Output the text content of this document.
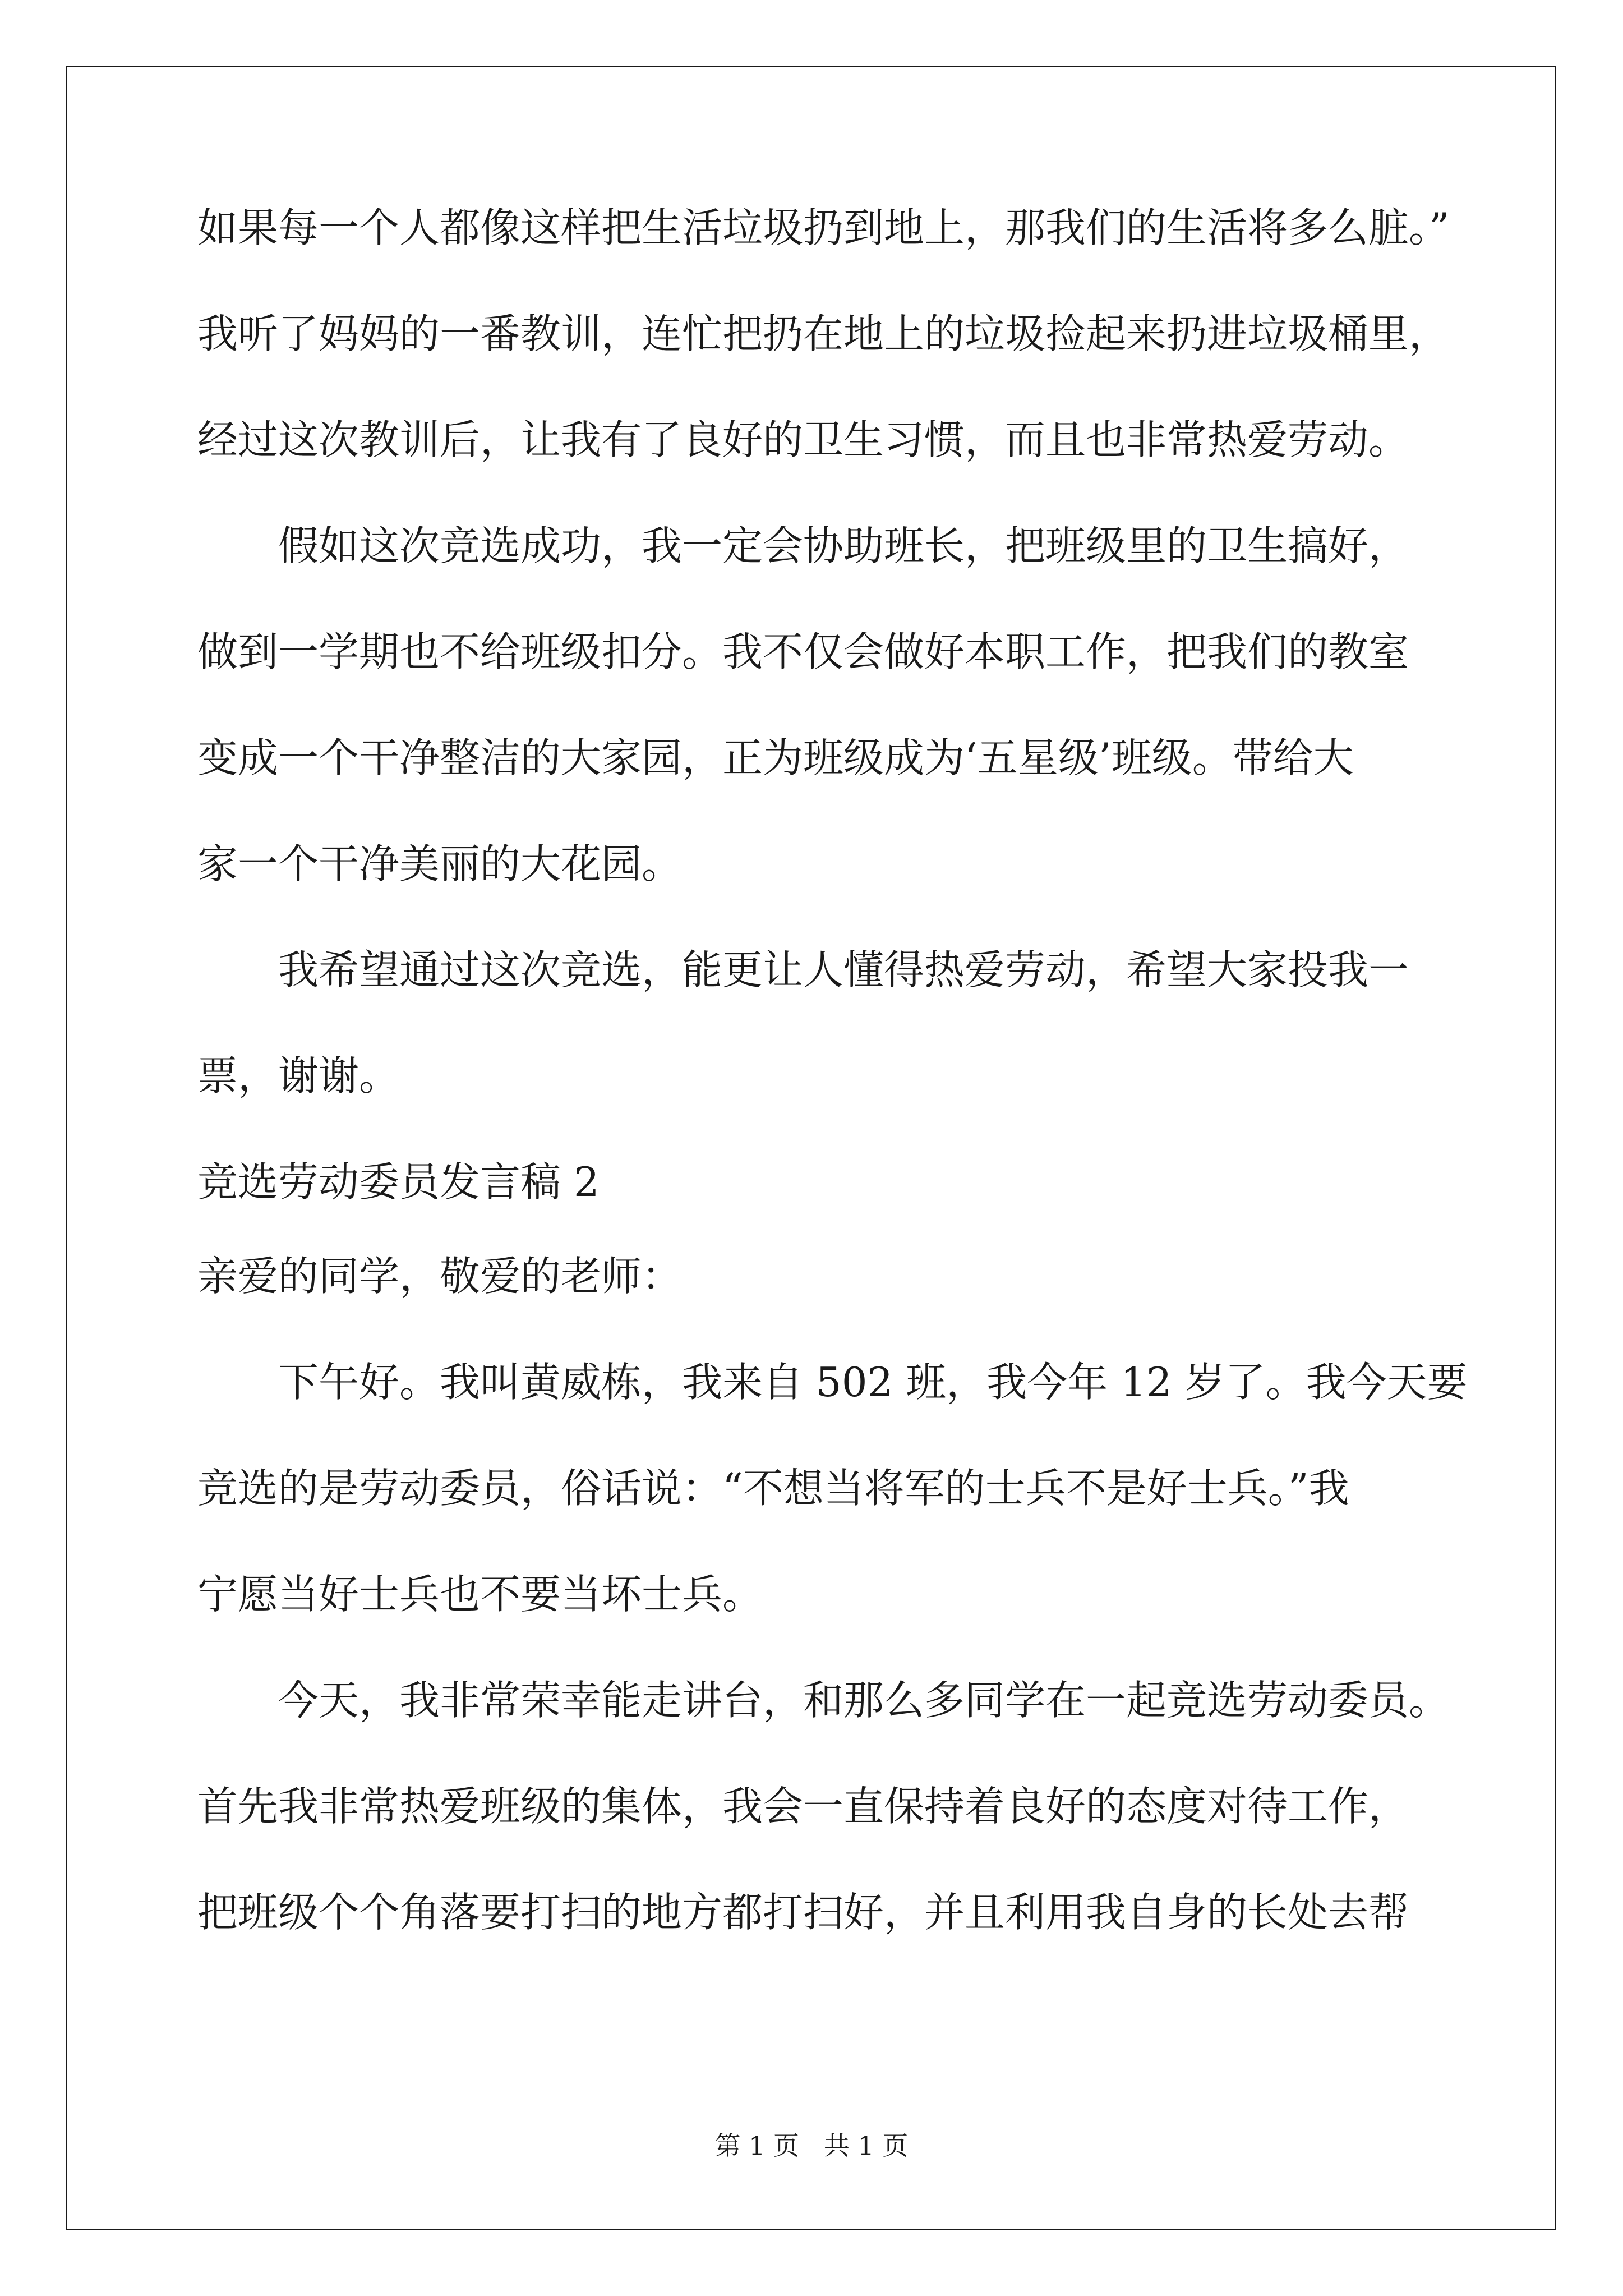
如果每一个人都像这样把生活垃圾扔到地上，那我们的生活将多么脏。”
我听了妈妈的一番教训，连忙把扔在地上的垃圾捡起来扔进垃圾桶里，
经过这次教训后，让我有了良好的卫生习惯，而且也非常热爱劳动。
假如这次竞选成功，我一定会协助班长，把班级里的卫生搞好，
做到一学期也不给班级扣分。我不仅会做好本职工作，把我们的教室
变成一个干净整洁的大家园，正为班级成为‘五星级’班级。带给大
家一个干净美丽的大花园。
我希望通过这次竞选，能更让人懂得热爱劳动，希望大家投我一
票，谢谢。
竞选劳动委员发言稿 2
亲爱的同学，敬爱的老师：
下午好。我叫黄威栋，我来自 502 班，我今年 12 岁了。我今天要
竞选的是劳动委员，俗话说：“不想当将军的士兵不是好士兵。”我
宁愿当好士兵也不要当坏士兵。
今天，我非常荣幸能走讲台，和那么多同学在一起竞选劳动委员。
首先我非常热爱班级的集体，我会一直保持着良好的态度对待工作，
把班级个个角落要打扫的地方都打扫好，并且利用我自身的长处去帮
第 1 页   共 1 页
